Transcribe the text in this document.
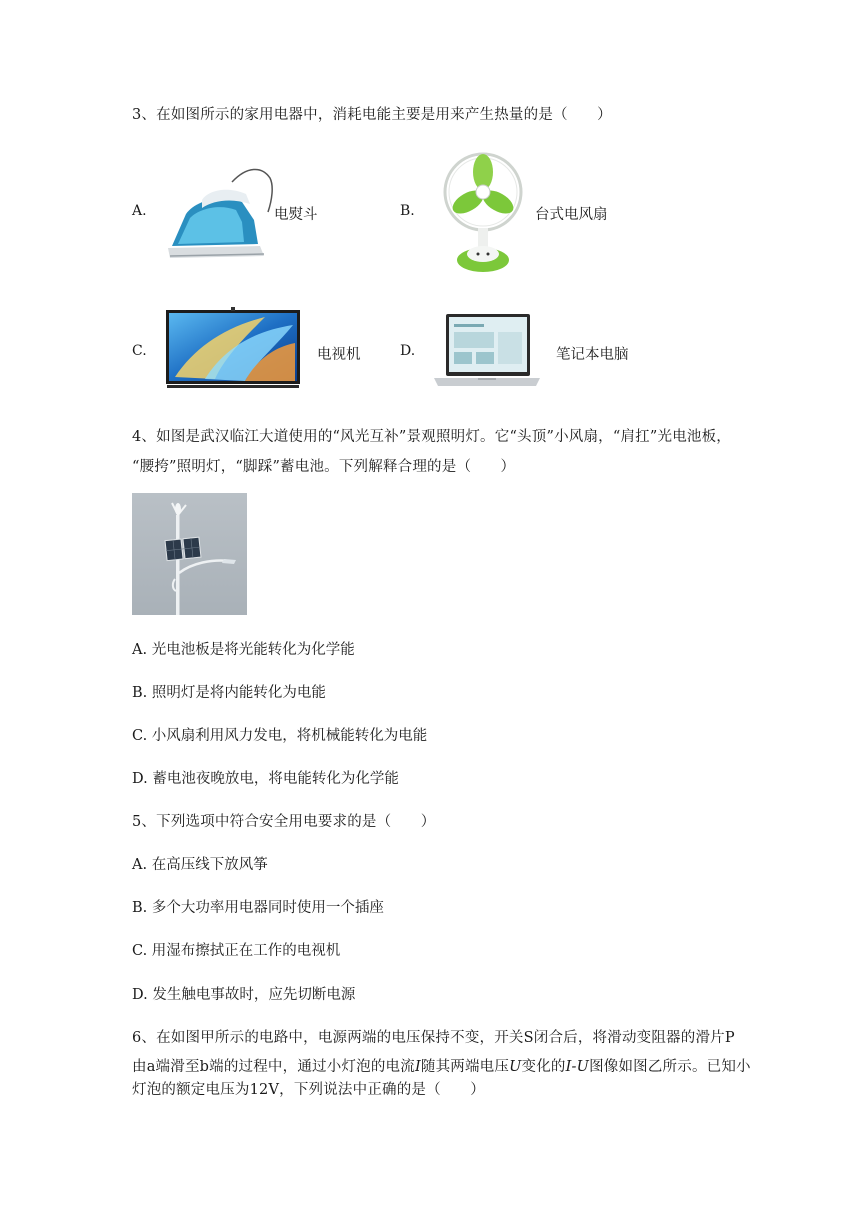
3、在如图所示的家用电器中，消耗电能主要是用来产生热量的是（　　）
A.	电熨斗	B.	台式电风扇
C.	电视机	D.	笔记本电脑
4、如图是武汉临江大道使用的“风光互补”景观照明灯。它“头顶”小风扇，“肩扛”光电池板，
“腰挎”照明灯，“脚踩”蓄电池。下列解释合理的是（　　）
A. 光电池板是将光能转化为化学能
B. 照明灯是将内能转化为电能
C. 小风扇利用风力发电，将机械能转化为电能
D. 蓄电池夜晚放电，将电能转化为化学能
5、下列选项中符合安全用电要求的是（　　）
A. 在高压线下放风筝
B. 多个大功率用电器同时使用一个插座
C. 用湿布擦拭正在工作的电视机
D. 发生触电事故时，应先切断电源
6、在如图甲所示的电路中，电源两端的电压保持不变，开关S闭合后，将滑动变阻器的滑片P
由a端滑至b端的过程中，通过小灯泡的电流I随其两端电压U变化的I-U图像如图乙所示。已知小
灯泡的额定电压为12V，下列说法中正确的是（　　）
